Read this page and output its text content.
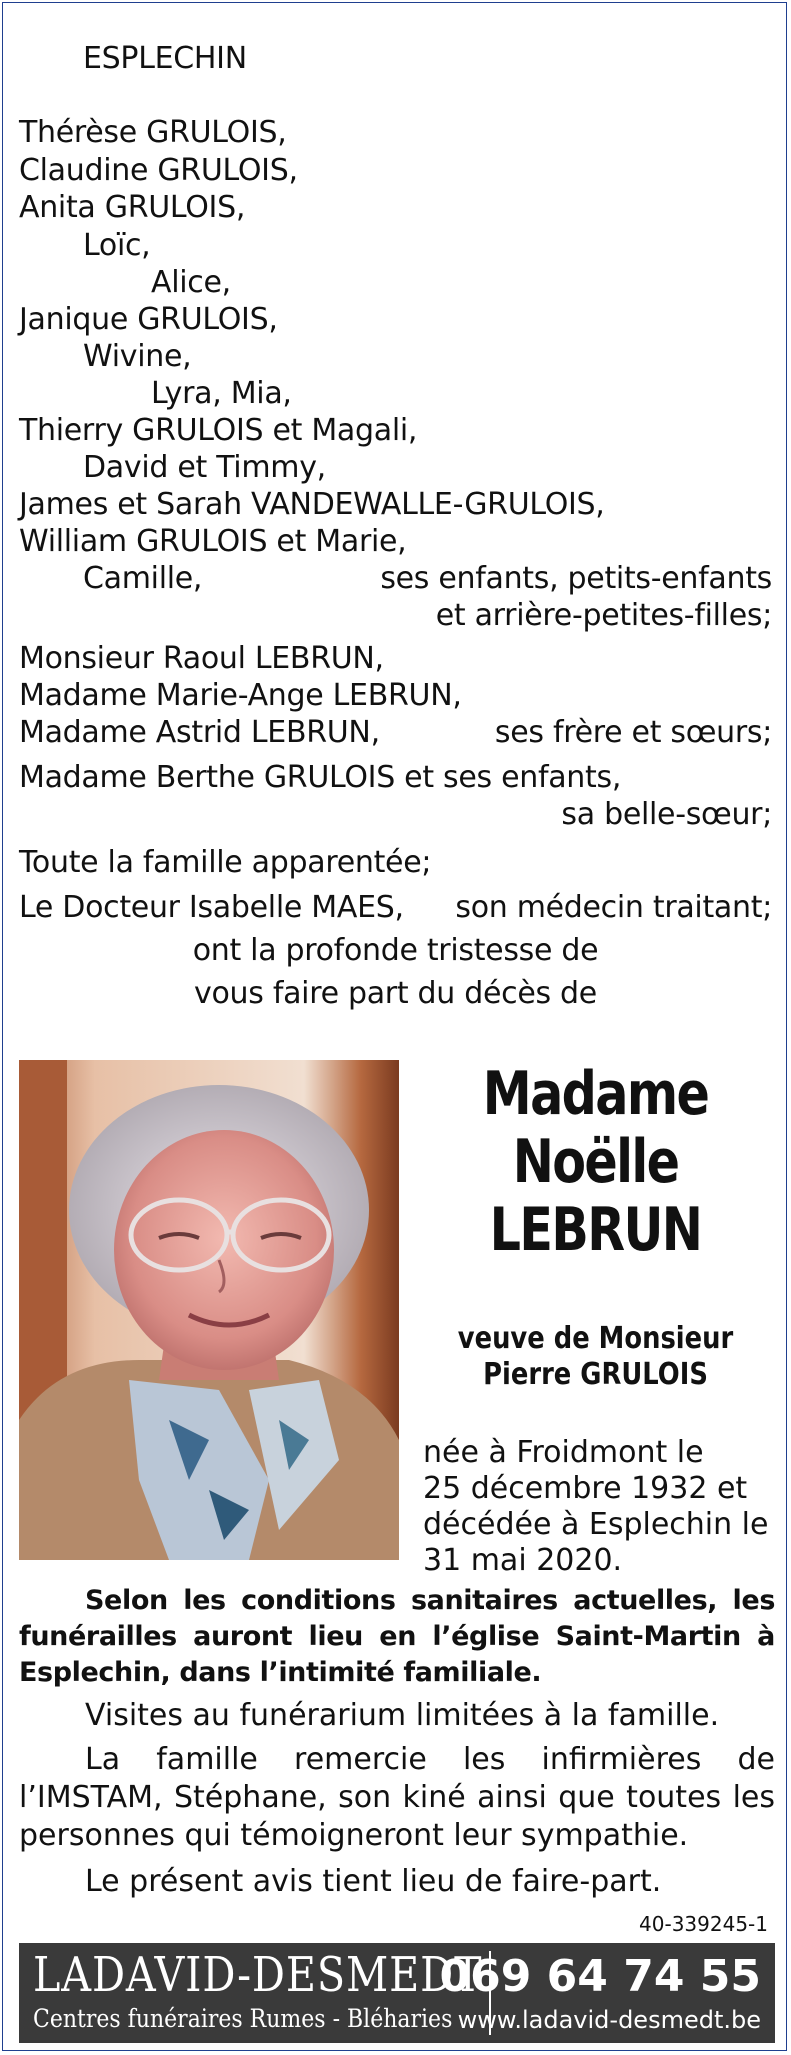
ESPLECHIN
Thérèse GRULOIS,
Claudine GRULOIS,
Anita GRULOIS,
Loïc,
Alice,
Janique GRULOIS,
Wivine,
Lyra, Mia,
Thierry GRULOIS et Magali,
David et Timmy,
James et Sarah VANDEWALLE-GRULOIS,
William GRULOIS et Marie,
Camille,	ses enfants, petits-enfants
et arrière-petites-filles;
Monsieur Raoul LEBRUN,
Madame Marie-Ange LEBRUN,
Madame Astrid LEBRUN,	ses frère et sœurs;
Madame Berthe GRULOIS et ses enfants,
sa belle-sœur;
Toute la famille apparentée;
Le Docteur Isabelle MAES, son médecin traitant;
ont la profonde tristesse de
vous faire part du décès de
Madame
Noëlle
LEBRUN
veuve de Monsieur
Pierre GRULOIS
née à Froidmont le
25 décembre 1932 et
décédée à Esplechin le
31 mai 2020.
Selon les conditions sanitaires actuelles, les funérailles auront lieu en l’église Saint-Martin à Esplechin, dans l’intimité familiale.
Visites au funérarium limitées à la famille.
La famille remercie les infirmières de l’IMSTAM, Stéphane, son kiné ainsi que toutes les personnes qui témoigneront leur sympathie.
Le présent avis tient lieu de faire-part.
40-339245-1
LADAVID-DESMEDT
Centres funéraires Rumes - Bléharies
069 64 74 55
www.ladavid-desmedt.be
